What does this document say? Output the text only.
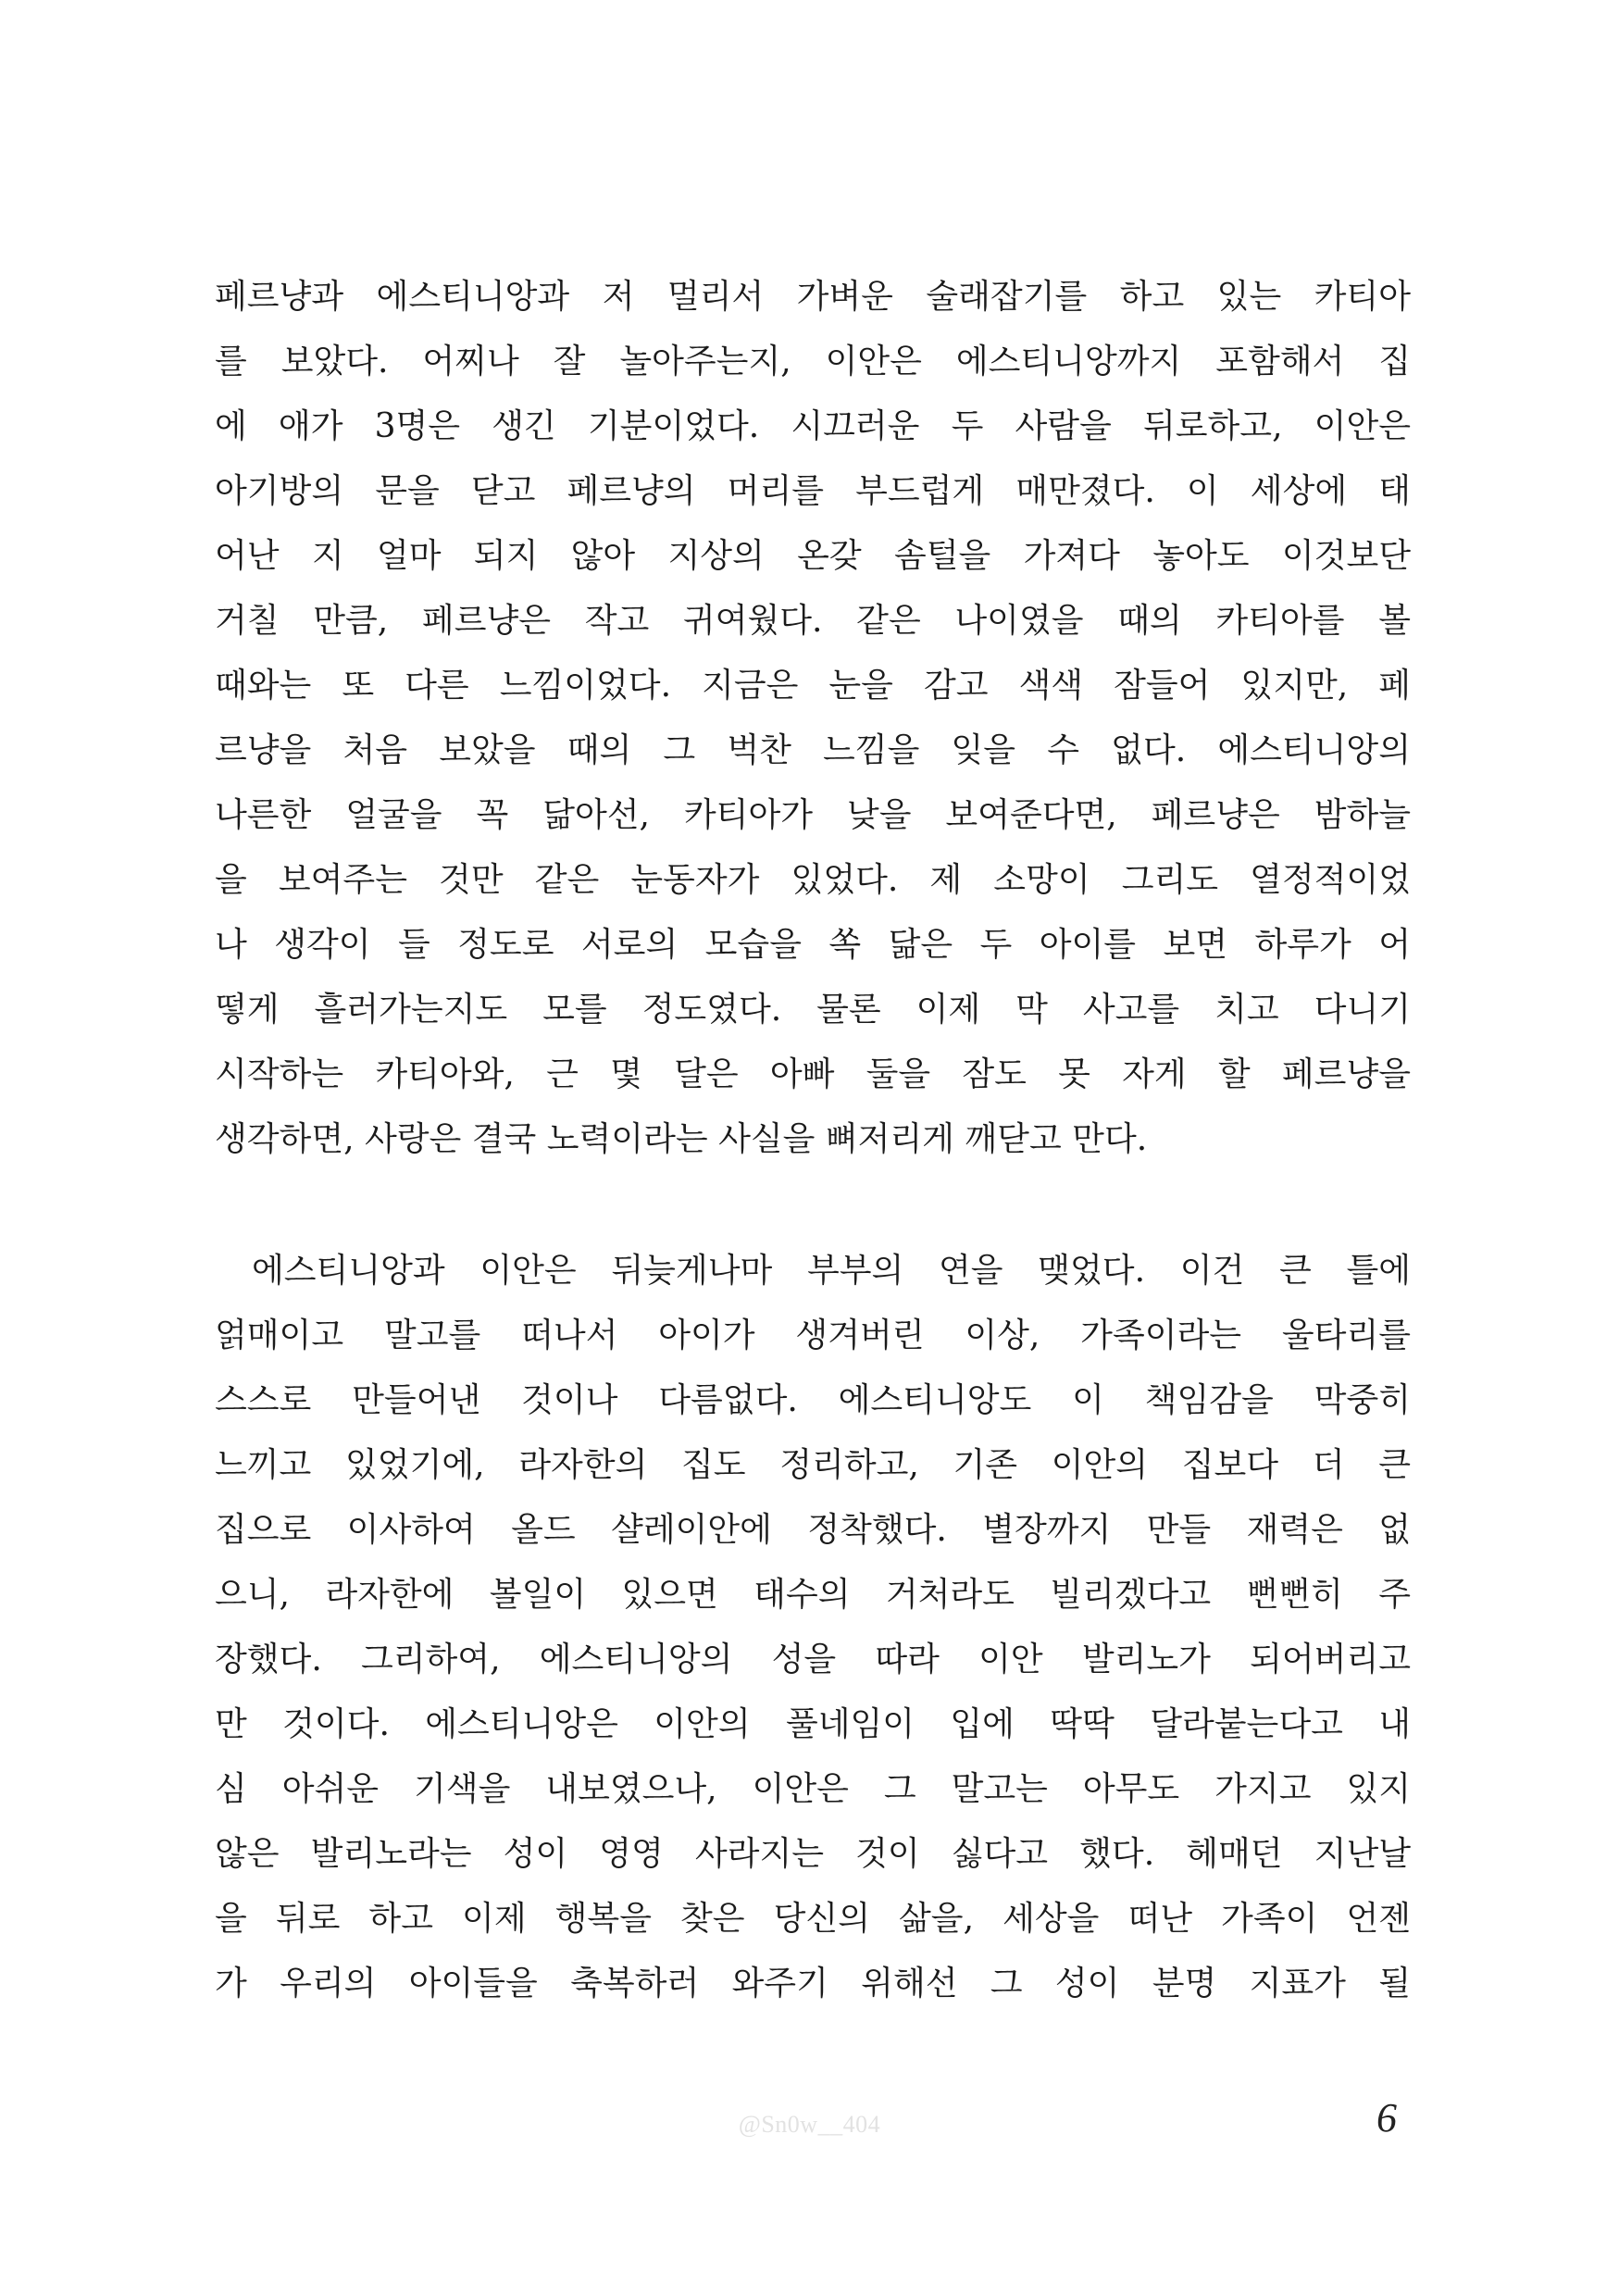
페르냥과 에스티니앙과 저 멀리서 가벼운 술래잡기를 하고 있는 카티아
를 보았다. 어찌나 잘 놀아주는지, 이안은 에스티니앙까지 포함해서 집
에 애가 3명은 생긴 기분이었다. 시끄러운 두 사람을 뒤로하고, 이안은
아기방의 문을 닫고 페르냥의 머리를 부드럽게 매만졌다. 이 세상에 태
어난 지 얼마 되지 않아 지상의 온갖 솜털을 가져다 놓아도 이것보단
거칠 만큼, 페르냥은 작고 귀여웠다. 같은 나이였을 때의 카티아를 볼
때와는 또 다른 느낌이었다. 지금은 눈을 감고 색색 잠들어 있지만, 페
르냥을 처음 보았을 때의 그 벅찬 느낌을 잊을 수 없다. 에스티니앙의
나른한 얼굴을 꼭 닮아선, 카티아가 낮을 보여준다면, 페르냥은 밤하늘
을 보여주는 것만 같은 눈동자가 있었다. 제 소망이 그리도 열정적이었
나 생각이 들 정도로 서로의 모습을 쏙 닮은 두 아이를 보면 하루가 어
떻게 흘러가는지도 모를 정도였다. 물론 이제 막 사고를 치고 다니기
시작하는 카티아와, 근 몇 달은 아빠 둘을 잠도 못 자게 할 페르냥을
생각하면, 사랑은 결국 노력이라는 사실을 뼈저리게 깨닫고 만다.

에스티니앙과 이안은 뒤늦게나마 부부의 연을 맺었다. 이건 큰 틀에
얽매이고 말고를 떠나서 아이가 생겨버린 이상, 가족이라는 울타리를
스스로 만들어낸 것이나 다름없다. 에스티니앙도 이 책임감을 막중히
느끼고 있었기에, 라자한의 집도 정리하고, 기존 이안의 집보다 더 큰
집으로 이사하여 올드 샬레이안에 정착했다. 별장까지 만들 재력은 없
으니, 라자한에 볼일이 있으면 태수의 거처라도 빌리겠다고 뻔뻔히 주
장했다. 그리하여, 에스티니앙의 성을 따라 이안 발리노가 되어버리고
만 것이다. 에스티니앙은 이안의 풀네임이 입에 딱딱 달라붙는다고 내
심 아쉬운 기색을 내보였으나, 이안은 그 말고는 아무도 가지고 있지
않은 발리노라는 성이 영영 사라지는 것이 싫다고 했다. 헤매던 지난날
을 뒤로 하고 이제 행복을 찾은 당신의 삶을, 세상을 떠난 가족이 언젠
가 우리의 아이들을 축복하러 와주기 위해선 그 성이 분명 지표가 될

@Sn0w__404	6
